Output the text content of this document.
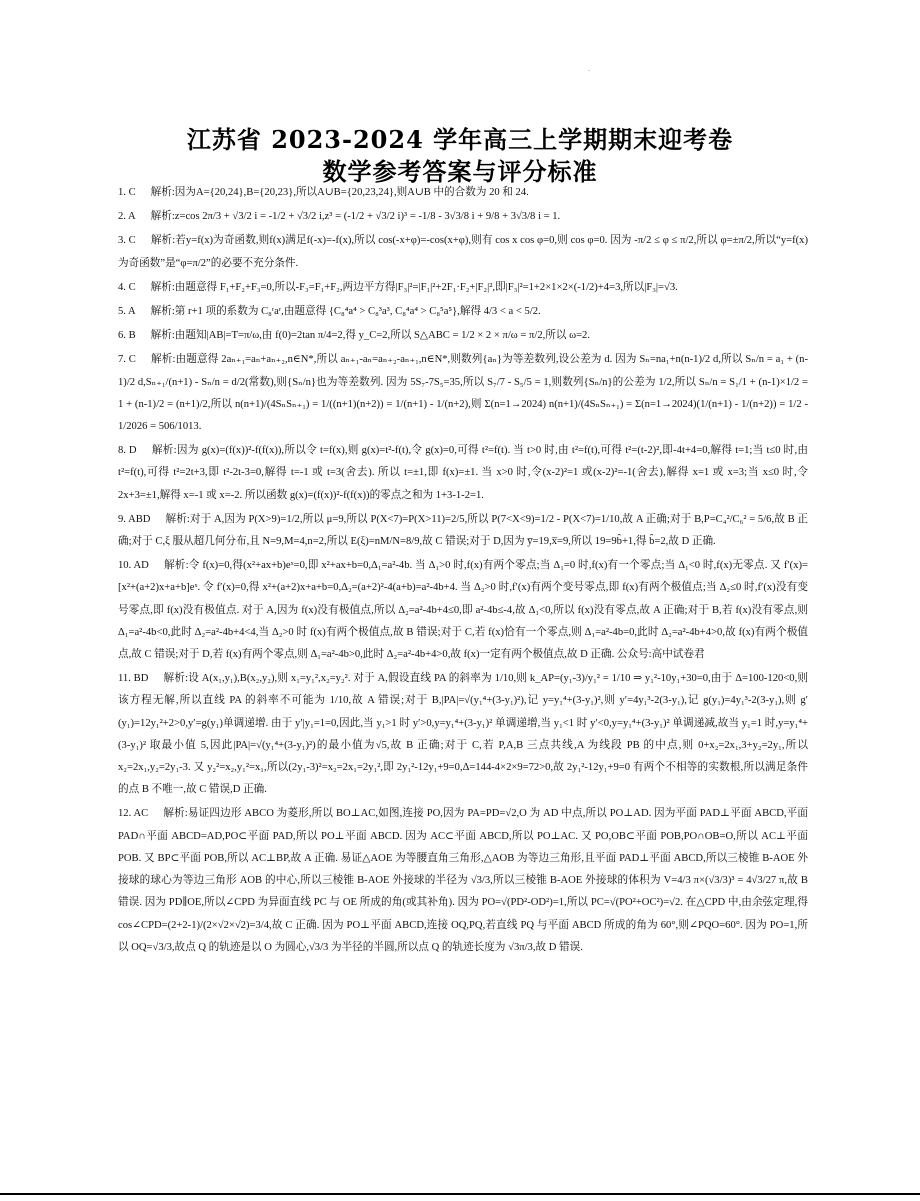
.
江苏省 2023-2024 学年高三上学期期末迎考卷
数学参考答案与评分标准
1. C 解析:因为A={20,24},B={20,23},所以A∪B={20,23,24},则A∪B 中的合数为 20 和 24.
2. A 解析:z=cos 2π/3 + √3/2 i = -1/2 + √3/2 i,z³ = (-1/2 + √3/2 i)³ = -1/8 - 3√3/8 i + 9/8 + 3√3/8 i = 1.
3. C 解析:若y=f(x)为奇函数,则f(x)满足f(-x)=-f(x),所以 cos(-x+φ)=-cos(x+φ),则有 cos x cos φ=0,则 cos φ=0. 因为 -π/2 ≤ φ ≤ π/2,所以 φ=±π/2,所以“y=f(x)为奇函数”是“φ=π/2”的必要不充分条件.
4. C 解析:由题意得 F₁+F₂+F₃=0,所以-F₃=F₁+F₂,两边平方得|F₃|²=|F₁|²+2F₁·F₂+|F₂|²,即|F₃|²=1+2×1×2×(-1/2)+4=3,所以|F₃|=√3.
5. A 解析:第 r+1 项的系数为 C₈ʳaʳ,由题意得 {C₈⁴a⁴ > C₈³a³, C₈⁴a⁴ > C₈⁵a⁵},解得 4/3 < a < 5/2.
6. B 解析:由题知|AB|=T=π/ω,由 f(0)=2tan π/4=2,得 y_C=2,所以 S△ABC = 1/2 × 2 × π/ω = π/2,所以 ω=2.
7. C 解析:由题意得 2aₙ₊₁=aₙ+aₙ₊₂,n∈N*,所以 aₙ₊₁-aₙ=aₙ₊₂-aₙ₊₁,n∈N*,则数列{aₙ}为等差数列,设公差为 d. 因为 Sₙ=na₁+n(n-1)/2 d,所以 Sₙ/n = a₁ + (n-1)/2 d,Sₙ₊₁/(n+1) - Sₙ/n = d/2(常数),则{Sₙ/n}也为等差数列. 因为 5S₇-7S₅=35,所以 S₇/7 - S₅/5 = 1,则数列{Sₙ/n}的公差为 1/2,所以 Sₙ/n = S₁/1 + (n-1)×1/2 = 1 + (n-1)/2 = (n+1)/2,所以 n(n+1)/(4SₙSₙ₊₁) = 1/((n+1)(n+2)) = 1/(n+1) - 1/(n+2),则 Σ(n=1→2024) n(n+1)/(4SₙSₙ₊₁) = Σ(n=1→2024)(1/(n+1) - 1/(n+2)) = 1/2 - 1/2026 = 506/1013.
8. D 解析:因为 g(x)=(f(x))²-f(f(x)),所以令 t=f(x),则 g(x)=t²-f(t),令 g(x)=0,可得 t²=f(t). 当 t>0 时,由 t²=f(t),可得 t²=(t-2)²,即-4t+4=0,解得 t=1;当 t≤0 时,由 t²=f(t),可得 t²=2t+3,即 t²-2t-3=0,解得 t=-1 或 t=3(舍去). 所以 t=±1,即 f(x)=±1. 当 x>0 时,令(x-2)²=1 或(x-2)²=-1(舍去),解得 x=1 或 x=3;当 x≤0 时,令 2x+3=±1,解得 x=-1 或 x=-2. 所以函数 g(x)=(f(x))²-f(f(x))的零点之和为 1+3-1-2=1.
9. ABD 解析:对于 A,因为 P(X>9)=1/2,所以 μ=9,所以 P(X<7)=P(X>11)=2/5,所以 P(7<X<9)=1/2 - P(X<7)=1/10,故 A 正确;对于 B,P=C₄²/C₆² = 5/6,故 B 正确;对于 C,ξ 服从超几何分布,且 N=9,M=4,n=2,所以 E(ξ)=nM/N=8/9,故 C 错误;对于 D,因为 y̅=19,x̅=9,所以 19=9b̂+1,得 b̂=2,故 D 正确.
10. AD 解析:令 f(x)=0,得(x²+ax+b)eˣ=0,即 x²+ax+b=0,Δ₁=a²-4b. 当 Δ₁>0 时,f(x)有两个零点;当 Δ₁=0 时,f(x)有一个零点;当 Δ₁<0 时,f(x)无零点. 又 f′(x)=[x²+(a+2)x+a+b]eˣ. 令 f′(x)=0,得 x²+(a+2)x+a+b=0,Δ₂=(a+2)²-4(a+b)=a²-4b+4. 当 Δ₂>0 时,f′(x)有两个变号零点,即 f(x)有两个极值点;当 Δ₂≤0 时,f′(x)没有变号零点,即 f(x)没有极值点. 对于 A,因为 f(x)没有极值点,所以 Δ₂=a²-4b+4≤0,即 a²-4b≤-4,故 Δ₁<0,所以 f(x)没有零点,故 A 正确;对于 B,若 f(x)没有零点,则 Δ₁=a²-4b<0,此时 Δ₂=a²-4b+4<4,当 Δ₂>0 时 f(x)有两个极值点,故 B 错误;对于 C,若 f(x)恰有一个零点,则 Δ₁=a²-4b=0,此时 Δ₂=a²-4b+4>0,故 f(x)有两个极值点,故 C 错误;对于 D,若 f(x)有两个零点,则 Δ₁=a²-4b>0,此时 Δ₂=a²-4b+4>0,故 f(x)一定有两个极值点,故 D 正确. 公众号:高中试卷君
11. BD 解析:设 A(x₁,y₁),B(x₂,y₂),则 x₁=y₁²,x₂=y₂². 对于 A,假设直线 PA 的斜率为 1/10,则 k_AP=(y₁-3)/y₁² = 1/10 ⇒ y₁²-10y₁+30=0,由于 Δ=100-120<0,则该方程无解,所以直线 PA 的斜率不可能为 1/10,故 A 错误;对于 B,|PA|=√(y₁⁴+(3-y₁)²),记 y=y₁⁴+(3-y₁)²,则 y′=4y₁³-2(3-y₁),记 g(y₁)=4y₁³-2(3-y₁),则 g′(y₁)=12y₁²+2>0,y′=g(y₁)单调递增. 由于 y′|y₁=1=0,因此,当 y₁>1 时 y′>0,y=y₁⁴+(3-y₁)² 单调递增,当 y₁<1 时 y′<0,y=y₁⁴+(3-y₁)² 单调递减,故当 y₁=1 时,y=y₁⁴+(3-y₁)² 取最小值 5,因此|PA|=√(y₁⁴+(3-y₁)²)的最小值为√5,故 B 正确;对于 C,若 P,A,B 三点共线,A 为线段 PB 的中点,则 0+x₂=2x₁,3+y₂=2y₁,所以 x₂=2x₁,y₂=2y₁-3. 又 y₂²=x₂,y₁²=x₁,所以(2y₁-3)²=x₂=2x₁=2y₁²,即 2y₁²-12y₁+9=0,Δ=144-4×2×9=72>0,故 2y₁²-12y₁+9=0 有两个不相等的实数根,所以满足条件的点 B 不唯一,故 C 错误,D 正确.
12. AC 解析:易证四边形 ABCO 为菱形,所以 BO⊥AC,如图,连接 PO,因为 PA=PD=√2,O 为 AD 中点,所以 PO⊥AD. 因为平面 PAD⊥平面 ABCD,平面 PAD∩平面 ABCD=AD,PO⊂平面 PAD,所以 PO⊥平面 ABCD. 因为 AC⊂平面 ABCD,所以 PO⊥AC. 又 PO,OB⊂平面 POB,PO∩OB=O,所以 AC⊥平面 POB. 又 BP⊂平面 POB,所以 AC⊥BP,故 A 正确. 易证△AOE 为等腰直角三角形,△AOB 为等边三角形,且平面 PAD⊥平面 ABCD,所以三棱锥 B-AOE 外接球的球心为等边三角形 AOB 的中心,所以三棱锥 B-AOE 外接球的半径为 √3/3,所以三棱锥 B-AOE 外接球的体积为 V=4/3 π×(√3/3)³ = 4√3/27 π,故 B 错误. 因为 PD∥OE,所以∠CPD 为异面直线 PC 与 OE 所成的角(或其补角). 因为 PO=√(PD²-OD²)=1,所以 PC=√(PO²+OC²)=√2. 在△CPD 中,由余弦定理,得 cos∠CPD=(2+2-1)/(2×√2×√2)=3/4,故 C 正确. 因为 PO⊥平面 ABCD,连接 OQ,PQ,若直线 PQ 与平面 ABCD 所成的角为 60°,则∠PQO=60°. 因为 PO=1,所以 OQ=√3/3,故点 Q 的轨迹是以 O 为圆心,√3/3 为半径的半圆,所以点 Q 的轨迹长度为 √3π/3,故 D 错误.
